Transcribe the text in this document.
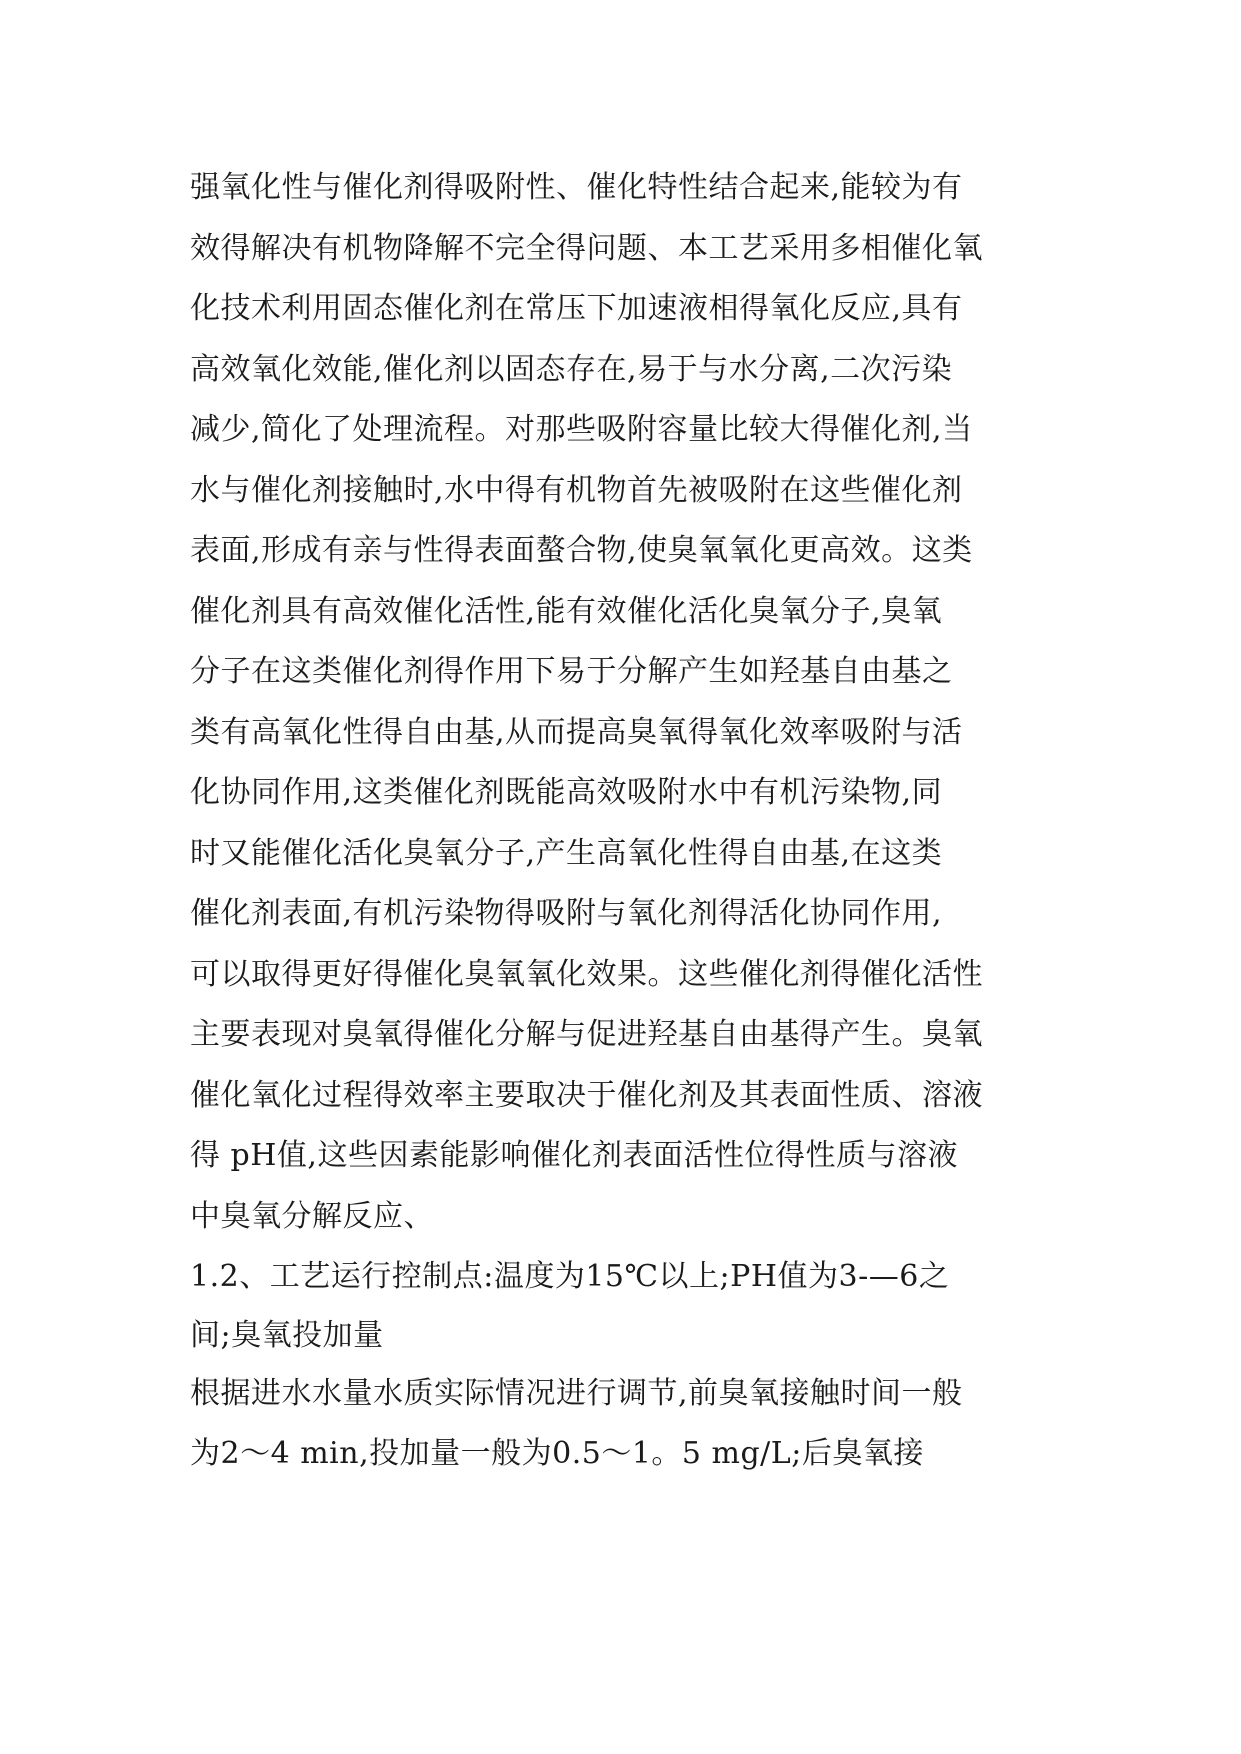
强氧化性与催化剂得吸附性、催化特性结合起来,能较为有
效得解决有机物降解不完全得问题、本工艺采用多相催化氧
化技术利用固态催化剂在常压下加速液相得氧化反应,具有
高效氧化效能,催化剂以固态存在,易于与水分离,二次污染
减少,简化了处理流程。对那些吸附容量比较大得催化剂,当
水与催化剂接触时,水中得有机物首先被吸附在这些催化剂
表面,形成有亲与性得表面螯合物,使臭氧氧化更高效。这类
催化剂具有高效催化活性,能有效催化活化臭氧分子,臭氧
分子在这类催化剂得作用下易于分解产生如羟基自由基之
类有高氧化性得自由基,从而提高臭氧得氧化效率吸附与活
化协同作用,这类催化剂既能高效吸附水中有机污染物,同
时又能催化活化臭氧分子,产生高氧化性得自由基,在这类
催化剂表面,有机污染物得吸附与氧化剂得活化协同作用,
可以取得更好得催化臭氧氧化效果。这些催化剂得催化活性
主要表现对臭氧得催化分解与促进羟基自由基得产生。臭氧
催化氧化过程得效率主要取决于催化剂及其表面性质、溶液
得 pH值,这些因素能影响催化剂表面活性位得性质与溶液
中臭氧分解反应、
1.2、工艺运行控制点:温度为15℃以上;PH值为3-—6之
间;臭氧投加量
根据进水水量水质实际情况进行调节,前臭氧接触时间一般
为2～4 min,投加量一般为0.5～1。5 mg/L;后臭氧接
